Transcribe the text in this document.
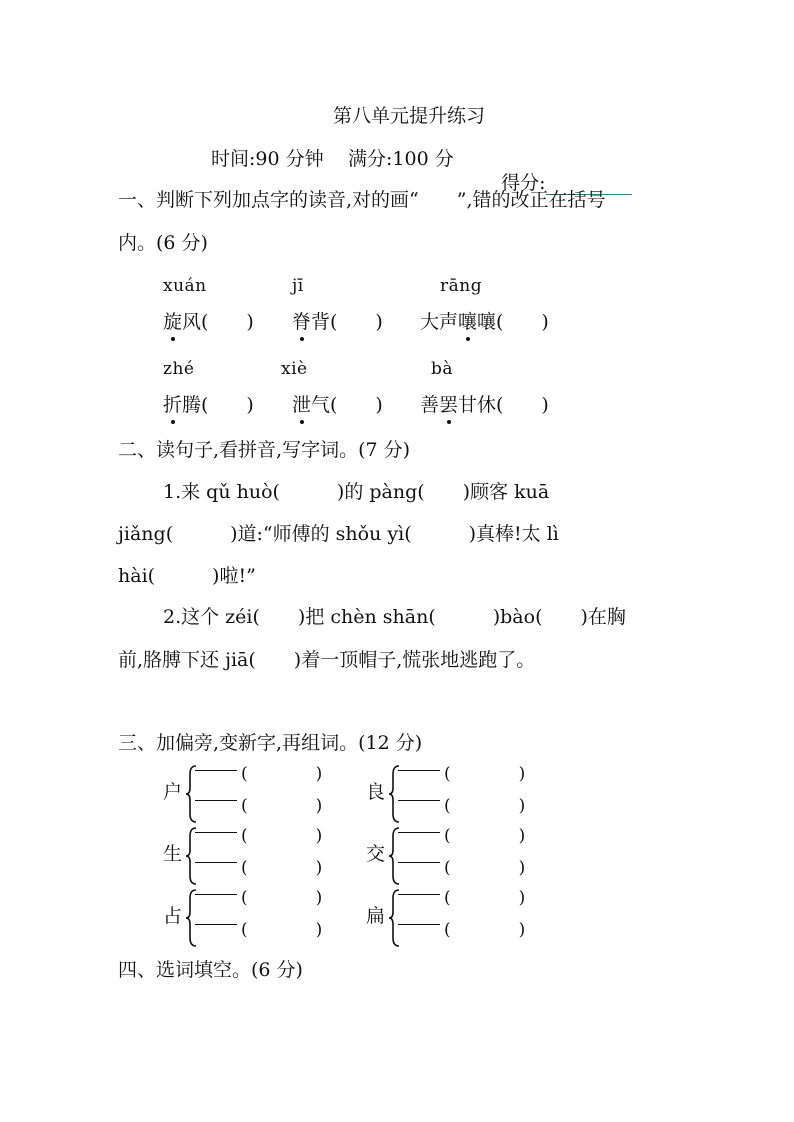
第八单元提升练习
时间:90 分钟 满分:100 分

得分:

一、判断下列加点字的读音,对的画“　　”,错的改正在括号
内。(6 分)
xuán	jī	rāng
旋风(　　) 脊背(　　) 大声嚷嚷(　　)
zhé	xiè	bà
折腾(　　) 泄气(　　) 善罢甘休(　　)
二、读句子,看拼音,写字词。(7 分)
1.来 qǔ huò(　　　)的 pàng(　　)顾客 kuā
jiǎng(　　　)道:“师傅的 shǒu yì(　　　)真棒!太 lì
hài(　　　)啦!”
2.这个 zéi(　　)把 chèn shān(　　　)bào(　　)在胸
前,胳膊下还 jiā(　　)着一顶帽子,慌张地逃跑了。
三、加偏旁,变新字,再组词。(12 分)
户
(　　　　)
(　　　　)
良
(　　　　)
(　　　　)
生
(　　　　)
(　　　　)
交
(　　　　)
(　　　　)
占
(　　　　)
(　　　　)
扁
(　　　　)
(　　　　)
四、选词填空。(6 分)
